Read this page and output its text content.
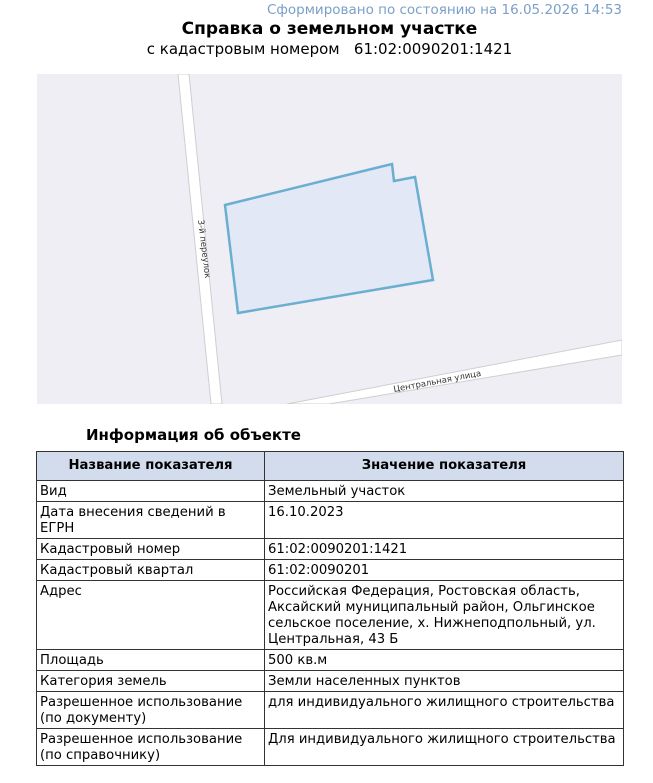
Сформировано по состоянию на 16.05.2026 14:53
Справка о земельном участке
с кадастровым номером 61:02:0090201:1421
3-й переулок
Центральная улица
Информация об объекте
Название показателя	Значение показателя
Вид	Земельный участок
Дата внесения сведений в ЕГРН	16.10.2023
Кадастровый номер	61:02:0090201:1421
Кадастровый квартал	61:02:0090201
Адрес	Российская Федерация, Ростовская область, Аксайский муниципальный район, Ольгинское сельское поселение, х. Нижнеподпольный, ул. Центральная, 43 Б
Площадь	500 кв.м
Категория земель	Земли населенных пунктов
Разрешенное использование (по документу)	для индивидуального жилищного строительства
Разрешенное использование (по справочнику)	Для индивидуального жилищного строительства
